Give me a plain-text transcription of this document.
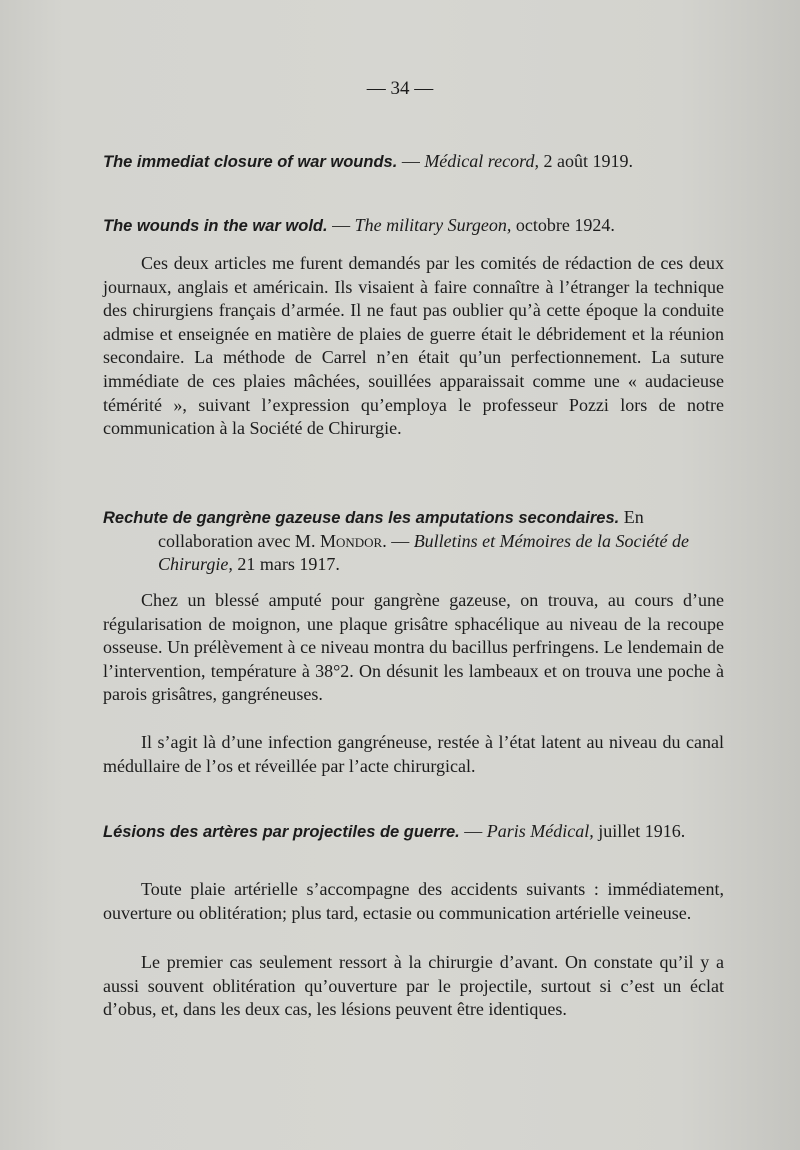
— 34 —
The immediat closure of war wounds. — Médical record, 2 août 1919.
The wounds in the war wold. — The military Surgeon, octobre 1924.
Ces deux articles me furent demandés par les comités de rédaction de ces deux journaux, anglais et américain. Ils visaient à faire connaître à l’étranger la technique des chirurgiens français d’armée. Il ne faut pas oublier qu’à cette époque la conduite admise et enseignée en matière de plaies de guerre était le débridement et la réunion secondaire. La méthode de Carrel n’en était qu’un perfectionnement. La suture immédiate de ces plaies mâchées, souillées apparaissait comme une « audacieuse témérité », suivant l’expression qu’employa le professeur Pozzi lors de notre communication à la Société de Chirurgie.
Rechute de gangrène gazeuse dans les amputations secondaires. En collaboration avec M. Mondor. — Bulletins et Mémoires de la Société de Chirurgie, 21 mars 1917.
Chez un blessé amputé pour gangrène gazeuse, on trouva, au cours d’une régularisation de moignon, une plaque grisâtre sphacélique au niveau de la recoupe osseuse. Un prélèvement à ce niveau montra du bacillus perfringens. Le lendemain de l’intervention, température à 38°2. On désunit les lambeaux et on trouva une poche à parois grisâtres, gangréneuses.
Il s’agit là d’une infection gangréneuse, restée à l’état latent au niveau du canal médullaire de l’os et réveillée par l’acte chirurgical.
Lésions des artères par projectiles de guerre. — Paris Médical, juillet 1916.
Toute plaie artérielle s’accompagne des accidents suivants : immédiatement, ouverture ou oblitération; plus tard, ectasie ou communication artérielle veineuse.
Le premier cas seulement ressort à la chirurgie d’avant. On constate qu’il y a aussi souvent oblitération qu’ouverture par le projectile, surtout si c’est un éclat d’obus, et, dans les deux cas, les lésions peuvent être identiques.
